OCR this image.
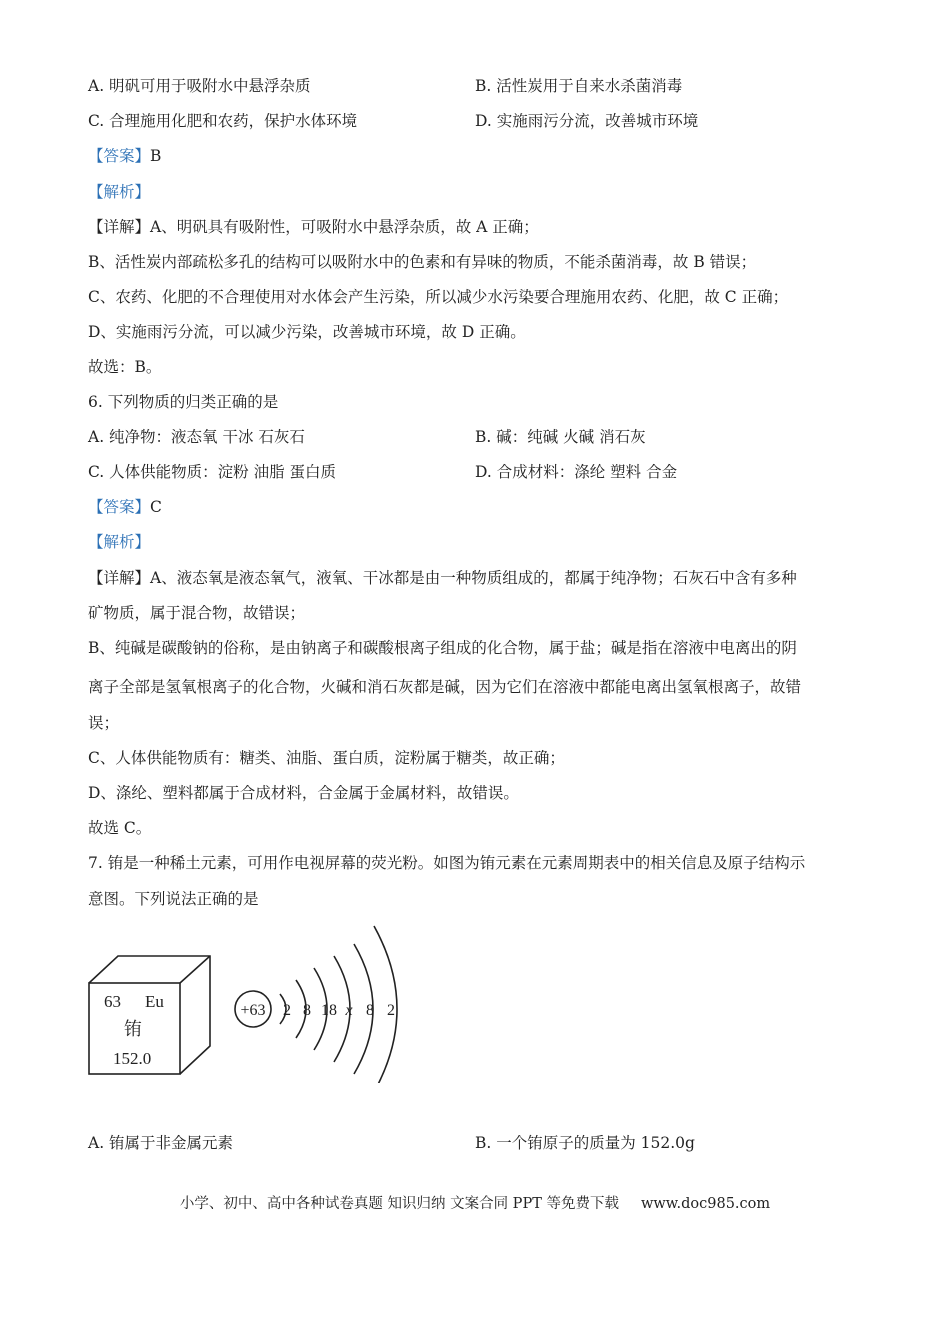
A. 明矾可用于吸附水中悬浮杂质	B. 活性炭用于自来水杀菌消毒
C. 合理施用化肥和农药，保护水体环境	D. 实施雨污分流，改善城市环境
【答案】B
【解析】
【详解】A、明矾具有吸附性，可吸附水中悬浮杂质，故 A 正确；
B、活性炭内部疏松多孔的结构可以吸附水中的色素和有异味的物质，不能杀菌消毒，故 B 错误；
C、农药、化肥的不合理使用对水体会产生污染，所以减少水污染要合理施用农药、化肥，故 C 正确；
D、实施雨污分流，可以减少污染，改善城市环境，故 D 正确。
故选：B。
6. 下列物质的归类正确的是
A. 纯净物：液态氧 干冰 石灰石	B. 碱：纯碱 火碱 消石灰
C. 人体供能物质：淀粉 油脂 蛋白质	D. 合成材料：涤纶 塑料 合金
【答案】C
【解析】
【详解】A、液态氧是液态氧气，液氧、干冰都是由一种物质组成的，都属于纯净物；石灰石中含有多种
矿物质，属于混合物，故错误；
B、纯碱是碳酸钠的俗称，是由钠离子和碳酸根离子组成的化合物，属于盐；碱是指在溶液中电离出的阴
离子全部是氢氧根离子的化合物，火碱和消石灰都是碱，因为它们在溶液中都能电离出氢氧根离子，故错
误；
C、人体供能物质有：糖类、油脂、蛋白质，淀粉属于糖类，故正确；
D、涤纶、塑料都属于合成材料，合金属于金属材料，故错误。
故选 C。
7. 铕是一种稀土元素，可用作电视屏幕的荧光粉。如图为铕元素在元素周期表中的相关信息及原子结构示
意图。下列说法正确的是
63 Eu
铕
152.0
+63 2 8 18 x 8 2
A. 铕属于非金属元素	B. 一个铕原子的质量为 152.0g
小学、初中、高中各种试卷真题 知识归纳 文案合同 PPT 等免费下载 www.doc985.com
